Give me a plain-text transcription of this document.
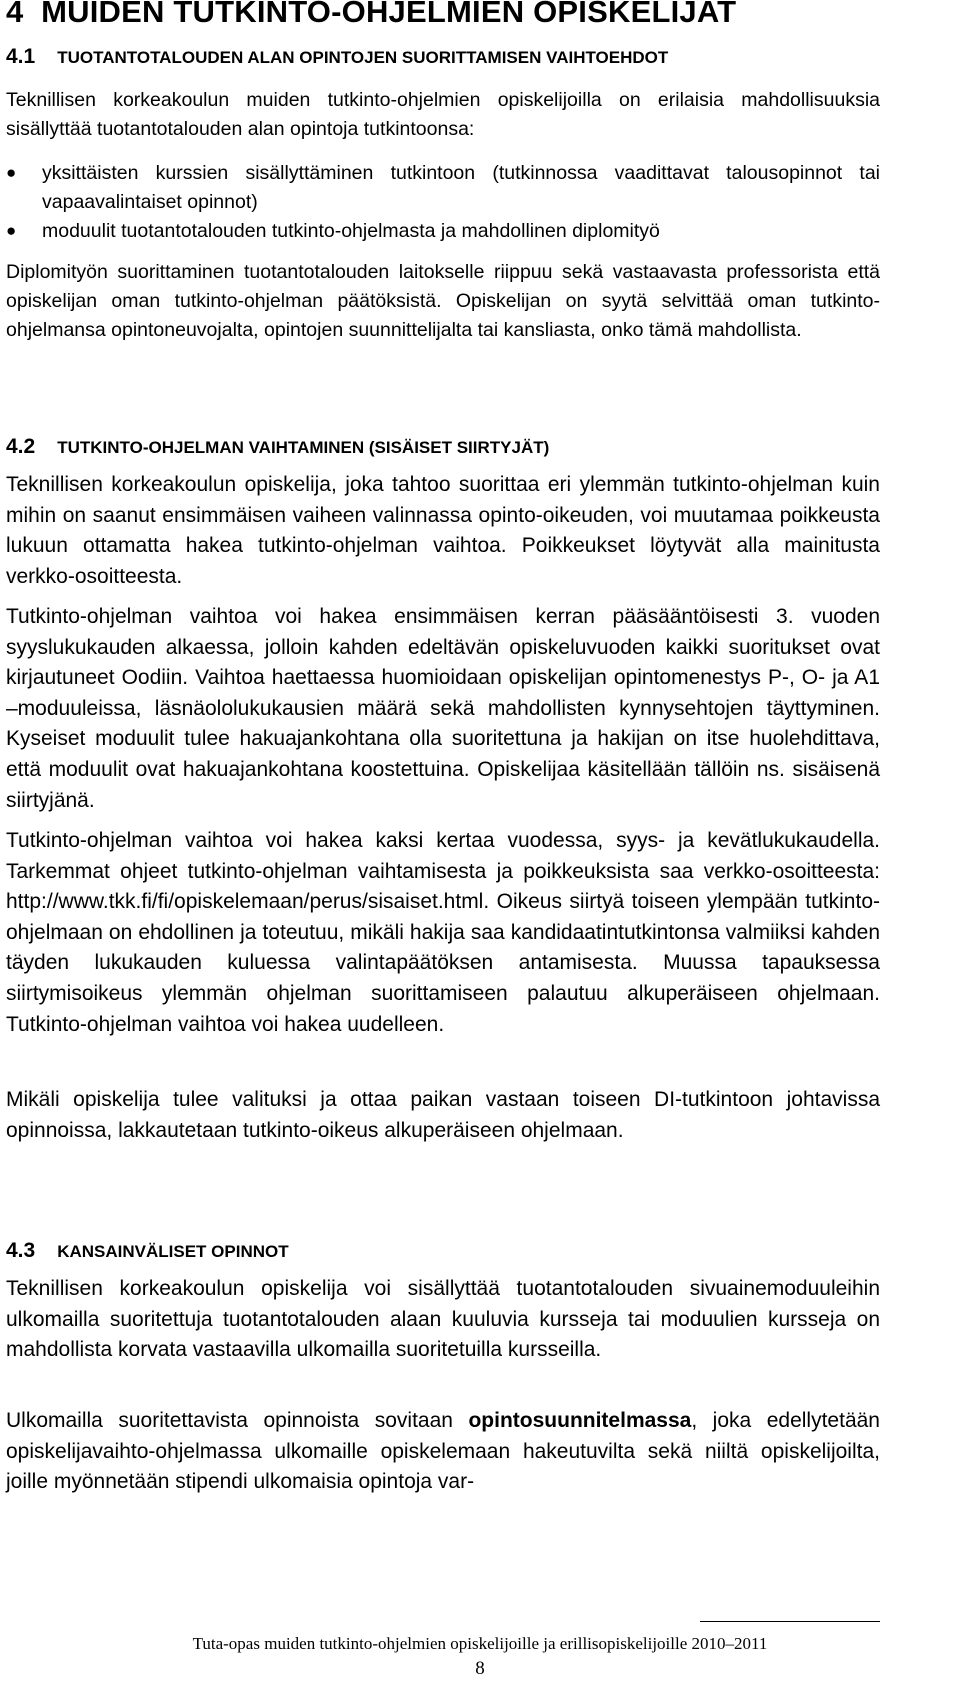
4 MUIDEN TUTKINTO-OHJELMIEN OPISKELIJAT
4.1 TUOTANTOTALOUDEN ALAN OPINTOJEN SUORITTAMISEN VAIHTOEHDOT

Teknillisen korkeakoulun muiden tutkinto-ohjelmien opiskelijoilla on erilaisia mahdollisuuksia sisällyttää tuotantotalouden alan opintoja tutkintoonsa:

●	yksittäisten kurssien sisällyttäminen tutkintoon (tutkinnossa vaadittavat talousopinnot tai vapaavalintaiset opinnot)
●	moduulit tuotantotalouden tutkinto-ohjelmasta ja mahdollinen diplomityö

Diplomityön suorittaminen tuotantotalouden laitokselle riippuu sekä vastaavasta professorista että opiskelijan oman tutkinto-ohjelman päätöksistä. Opiskelijan on syytä selvittää oman tutkinto-ohjelmansa opintoneuvojalta, opintojen suunnittelijalta tai kansliasta, onko tämä mahdollista.

4.2 TUTKINTO-OHJELMAN VAIHTAMINEN (SISÄISET SIIRTYJÄT)

Teknillisen korkeakoulun opiskelija, joka tahtoo suorittaa eri ylemmän tutkinto-ohjelman kuin mihin on saanut ensimmäisen vaiheen valinnassa opinto-oikeuden, voi muutamaa poikkeusta lukuun ottamatta hakea tutkinto-ohjelman vaihtoa. Poikkeukset löytyvät alla mainitusta verkko-osoitteesta.

Tutkinto-ohjelman vaihtoa voi hakea ensimmäisen kerran pääsääntöisesti 3. vuoden syyslukukauden alkaessa, jolloin kahden edeltävän opiskeluvuoden kaikki suoritukset ovat kirjautuneet Oodiin. Vaihtoa haettaessa huomioidaan opiskelijan opintomenestys P-, O- ja A1 –moduuleissa, läsnäololukukausien määrä sekä mahdollisten kynnysehtojen täyttyminen. Kyseiset moduulit tulee hakuajankohtana olla suoritettuna ja hakijan on itse huolehdittava, että moduulit ovat hakuajankohtana koostettuina. Opiskelijaa käsitellään tällöin ns. sisäisenä siirtyjänä.

Tutkinto-ohjelman vaihtoa voi hakea kaksi kertaa vuodessa, syys- ja kevätlukukaudella. Tarkemmat ohjeet tutkinto-ohjelman vaihtamisesta ja poikkeuksista saa verkko-osoitteesta: http://www.tkk.fi/fi/opiskelemaan/perus/sisaiset.html. Oikeus siirtyä toiseen ylempään tutkinto-ohjelmaan on ehdollinen ja toteutuu, mikäli hakija saa kandidaatintutkintonsa valmiiksi kahden täyden lukukauden kuluessa valintapäätöksen antamisesta. Muussa tapauksessa siirtymisoikeus ylemmän ohjelman suorittamiseen palautuu alkuperäiseen ohjelmaan. Tutkinto-ohjelman vaihtoa voi hakea uudelleen.

Mikäli opiskelija tulee valituksi ja ottaa paikan vastaan toiseen DI-tutkintoon johtavissa opinnoissa, lakkautetaan tutkinto-oikeus alkuperäiseen ohjelmaan.

4.3 KANSAINVÄLISET OPINNOT

Teknillisen korkeakoulun opiskelija voi sisällyttää tuotantotalouden sivuainemoduuleihin ulkomailla suoritettuja tuotantotalouden alaan kuuluvia kursseja tai moduulien kursseja on mahdollista korvata vastaavilla ulkomailla suoritetuilla kursseilla.

Ulkomailla suoritettavista opinnoista sovitaan opintosuunnitelmassa, joka edellytetään opiskelijavaihto-ohjelmassa ulkomaille opiskelemaan hakeutuvilta sekä niiltä opiskelijoilta, joille myönnetään stipendi ulkomaisia opintoja var-

Tuta-opas muiden tutkinto-ohjelmien opiskelijoille ja erillisopiskelijoille 2010–2011
8
